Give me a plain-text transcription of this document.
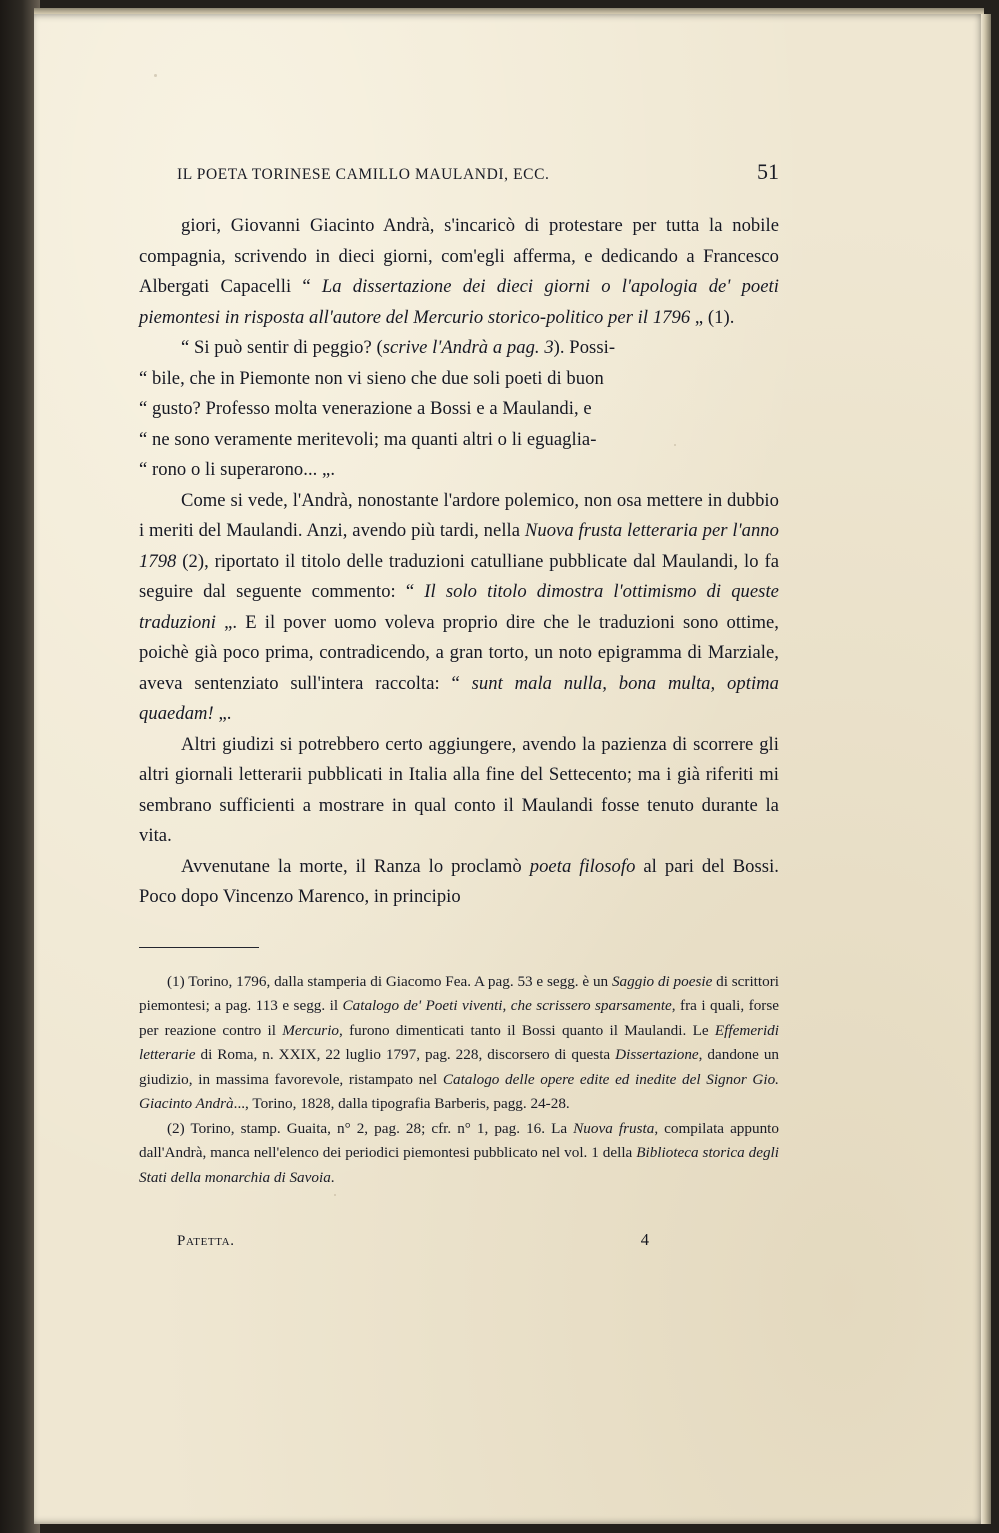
IL POETA TORINESE CAMILLO MAULANDI, ECC.	51

giori, Giovanni Giacinto Andrà, s'incaricò di protestare per tutta la nobile compagnia, scrivendo in dieci giorni, com'egli afferma, e dedicando a Francesco Albergati Capacelli “ La dissertazione dei dieci giorni o l'apologia de' poeti piemontesi in risposta all'autore del Mercurio storico-politico per il 1796 „ (1).

“ Si può sentir di peggio? (scrive l'Andrà a pag. 3). Possi-
“ bile, che in Piemonte non vi sieno che due soli poeti di buon
“ gusto? Professo molta venerazione a Bossi e a Maulandi, e
“ ne sono veramente meritevoli; ma quanti altri o li eguaglia-
“ rono o li superarono... „.

Come si vede, l'Andrà, nonostante l'ardore polemico, non osa mettere in dubbio i meriti del Maulandi. Anzi, avendo più tardi, nella Nuova frusta letteraria per l'anno 1798 (2), riportato il titolo delle traduzioni catulliane pubblicate dal Maulandi, lo fa seguire dal seguente commento: “ Il solo titolo dimostra l'ottimismo di queste traduzioni „. E il pover uomo voleva proprio dire che le traduzioni sono ottime, poichè già poco prima, contradicendo, a gran torto, un noto epigramma di Marziale, aveva sentenziato sull'intera raccolta: “ sunt mala nulla, bona multa, optima quaedam! „.

Altri giudizi si potrebbero certo aggiungere, avendo la pazienza di scorrere gli altri giornali letterarii pubblicati in Italia alla fine del Settecento; ma i già riferiti mi sembrano sufficienti a mostrare in qual conto il Maulandi fosse tenuto durante la vita.

Avvenutane la morte, il Ranza lo proclamò poeta filosofo al pari del Bossi. Poco dopo Vincenzo Marenco, in principio

(1) Torino, 1796, dalla stamperia di Giacomo Fea. A pag. 53 e segg. è un Saggio di poesie di scrittori piemontesi; a pag. 113 e segg. il Catalogo de' Poeti viventi, che scrissero sparsamente, fra i quali, forse per reazione contro il Mercurio, furono dimenticati tanto il Bossi quanto il Maulandi. Le Effemeridi letterarie di Roma, n. XXIX, 22 luglio 1797, pag. 228, discorsero di questa Dissertazione, dandone un giudizio, in massima favorevole, ristampato nel Catalogo delle opere edite ed inedite del Signor Gio. Giacinto Andrà..., Torino, 1828, dalla tipografia Barberis, pagg. 24-28.

(2) Torino, stamp. Guaita, n° 2, pag. 28; cfr. n° 1, pag. 16. La Nuova frusta, compilata appunto dall'Andrà, manca nell'elenco dei periodici piemontesi pubblicato nel vol. 1 della Biblioteca storica degli Stati della monarchia di Savoia.

Patetta.	4
